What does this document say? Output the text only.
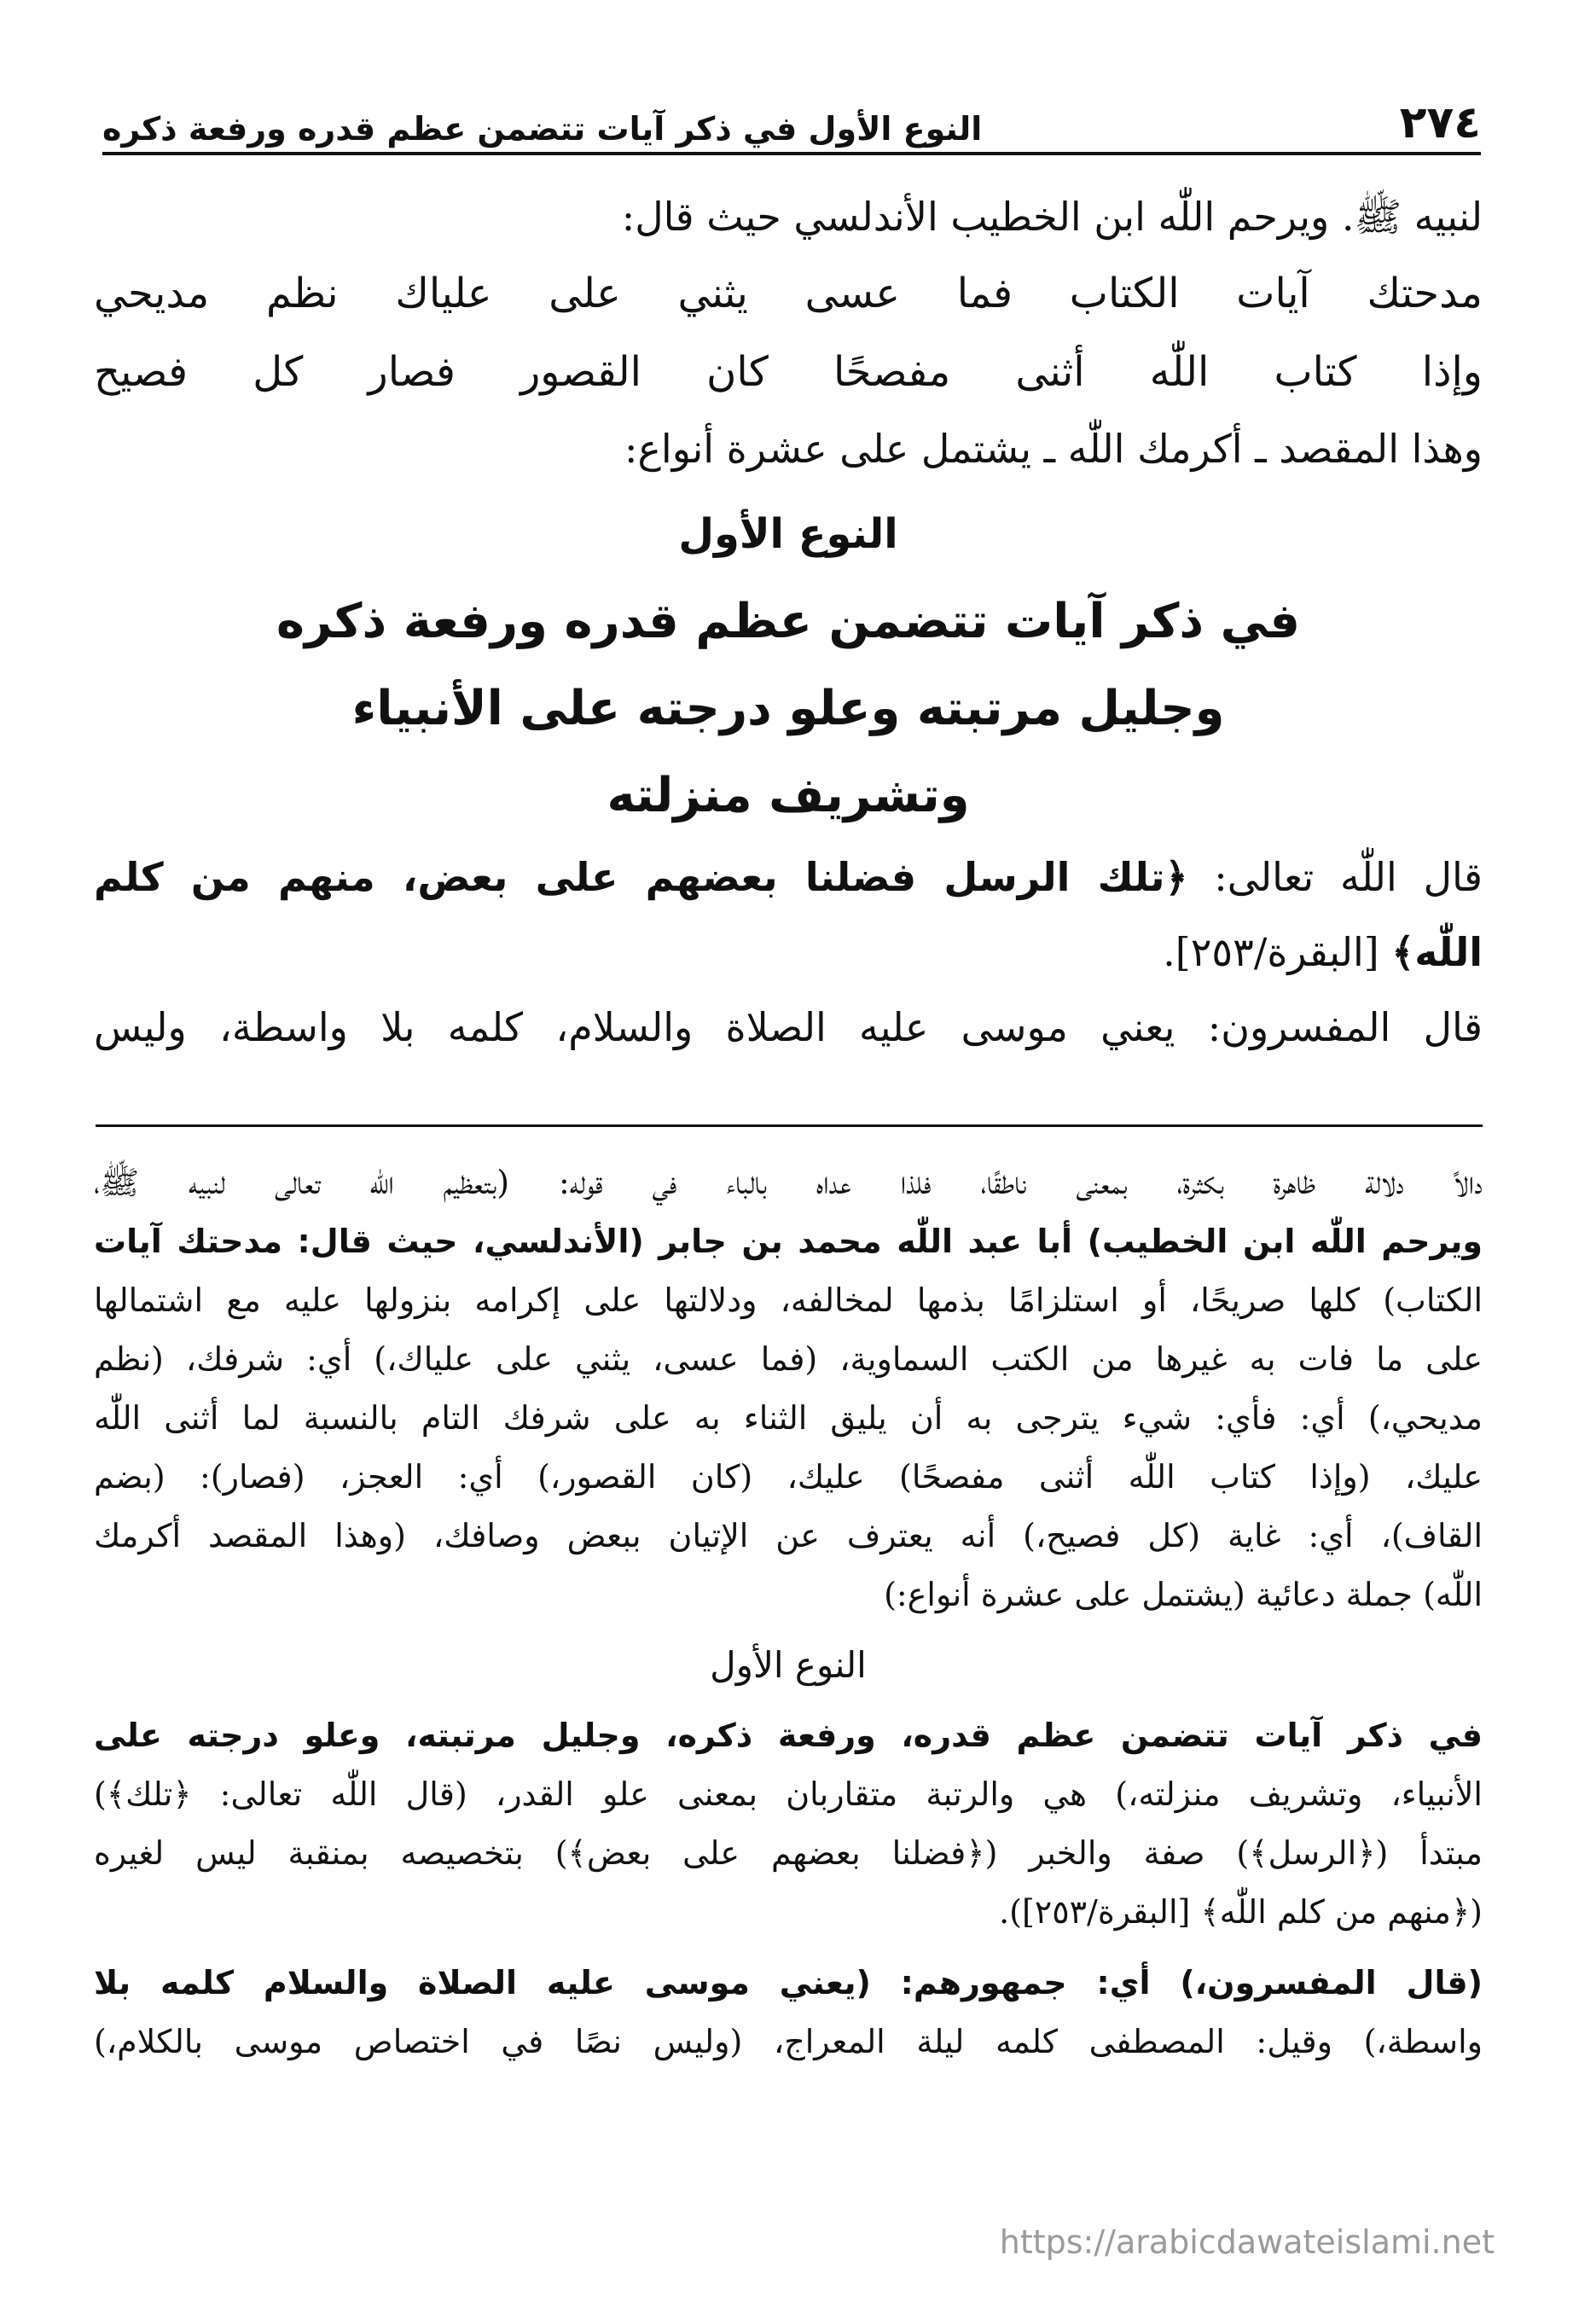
٢٧٤
النوع الأول في ذكر آيات تتضمن عظم قدره ورفعة ذكره
لنبيه ﷺ. ويرحم اللّٰه ابن الخطيب الأندلسي حيث قال:
مدحتك آيات الكتاب فما عسى يثني على علياك نظم مديحي
وإذا كتاب اللّٰه أثنى مفصحًا كان القصور فصار كل فصيح
وهذا المقصد ـ أكرمك اللّٰه ـ يشتمل على عشرة أنواع:
النوع الأول
في ذكر آيات تتضمن عظم قدره ورفعة ذكره
وجليل مرتبته وعلو درجته على الأنبياء
وتشريف منزلته
قال اللّٰه تعالى: ﴿تلك الرسل فضلنا بعضهم على بعض، منهم من كلم
اللّٰه﴾ [البقرة/٢٥٣].
قال المفسرون: يعني موسى عليه الصلاة والسلام، كلمه بلا واسطة، وليس
دالاً دلالة ظاهرة بكثرة، بمعنى ناطقًا، فلذا عداه بالباء في قوله: (بتعظيم اللّٰه تعالى لنبيه ﷺ،
ويرحم اللّٰه ابن الخطيب) أبا عبد اللّٰه محمد بن جابر (الأندلسي، حيث قال: مدحتك آيات
الكتاب) كلها صريحًا، أو استلزامًا بذمها لمخالفه، ودلالتها على إكرامه بنزولها عليه مع اشتمالها
على ما فات به غيرها من الكتب السماوية، (فما عسى، يثني على علياك،) أي: شرفك، (نظم
مديحي،) أي: فأي: شيء يترجى به أن يليق الثناء به على شرفك التام بالنسبة لما أثنى اللّٰه
عليك، (وإذا كتاب اللّٰه أثنى مفصحًا) عليك، (كان القصور،) أي: العجز، (فصار): (بضم
القاف)، أي: غاية (كل فصيح،) أنه يعترف عن الإتيان ببعض وصافك، (وهذا المقصد أكرمك
اللّٰه) جملة دعائية (يشتمل على عشرة أنواع:)
النوع الأول
في ذكر آيات تتضمن عظم قدره، ورفعة ذكره، وجليل مرتبته، وعلو درجته على
الأنبياء، وتشريف منزلته،) هي والرتبة متقاربان بمعنى علو القدر، (قال اللّٰه تعالى: ﴿تلك﴾)
مبتدأ (﴿الرسل﴾) صفة والخبر (﴿فضلنا بعضهم على بعض﴾) بتخصيصه بمنقبة ليس لغيره
(﴿منهم من كلم اللّٰه﴾ [البقرة/٢٥٣]).
(قال المفسرون،) أي: جمهورهم: (يعني موسى عليه الصلاة والسلام كلمه بلا
واسطة،) وقيل: المصطفى كلمه ليلة المعراج، (وليس نصًا في اختصاص موسى بالكلام،)
https://arabicdawateislami.net
